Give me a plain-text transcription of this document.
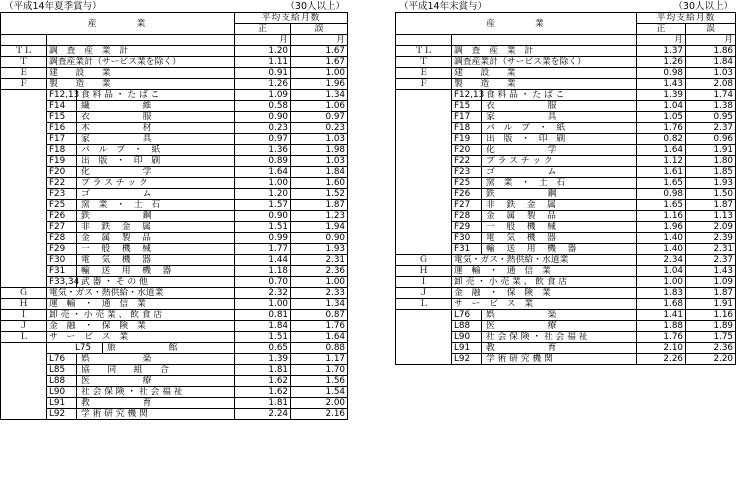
（平成14年夏季賞与）	（30人以上）
産業		平均支給月数	
		正	誤
		月	月
ＴＬ	調　査　産　業　計	1.20	1.67
Ｔ	調査産業計（サービス業を除く）	1.11	1.67
Ｅ	建　　設　　業	0.91	1.00
Ｆ	製　　造　　業	1.26	1.96

	F12,13 食 料 品 ・ た ば こ	1.09	1.34

	F14 繊　　　　　　維	0.58	1.06

	F15 衣　　　　　　服	0.90	0.97

	F16 木　　　　　　材	0.23	0.23

	F17 家　　　　　　具	0.97	1.03

	F18 パ　ル　プ　・　紙	1.36	1.98

	F19 出　版　・　印　刷	0.89	1.03

	F20 化　　　　　　学	1.64	1.84

	F22 プ ラ ス チ ッ ク	1.00	1.60

	F23 ゴ　　　　　　ム	1.20	1.52

	F25 窯　業　・　土　石	1.57	1.87

	F26 鉄　　　　　　鋼	0.90	1.23

	F27 非　 鉄 　金 　属	1.51	1.94

	F28 金　 属 　製 　品	0.99	0.90

	F29 一　 般 　機 　械	1.77	1.93

	F30 電　 気 　機 　器	1.44	2.31

	F31 輸　 送 　用 　機　 器	1.18	2.36

	F33,34 武 器 ・ そ の 他	0.70	1.00
Ｇ	電気・ガス・熱供給・水道業	2.32	2.33
Ｈ	運　輸　・　通　信　業	1.00	1.34
Ｉ	卸 売 ・ 小 売 業 、 飲 食 店	0.81	0.87
Ｊ	金　融　・　保　険　業	1.84	1.76
Ｌ	サ　ー　ビ　ス　業	1.51	1.64

	L75 旅　　　　　　館	0.65	0.88

	L76 娯　　　　　　楽	1.39	1.17

	L85 協　　同　　組　　合	1.81	1.70

	L88 医　　　　　　療	1.62	1.56

	L90 社 会 保 険 ・ 社 会 福 祉	1.62	1.54

	L91 教　　　　　　育	1.81	2.00

	L92 学 術 研 究 機 関	2.24	2.16
（平成14年末賞与）	（30人以上）
産業		平均支給月数	
		正	誤
		月	月
ＴＬ	調　査　産　業　計	1.37	1.86
Ｔ	調査産業計（サービス業を除く）	1.26	1.84
Ｅ	建　　設　　業	0.98	1.03
Ｆ	製　　造　　業	1.43	2.08

	F12,13 食 料 品 ・ た ば こ	1.39	1.74

	F15 衣　　　　　　服	1.04	1.38

	F17 家　　　　　　具	1.05	0.95

	F18 パ　ル　プ　・　紙	1.76	2.37

	F19 出　版　・　印　刷	0.82	0.96

	F20 化　　　　　　学	1.64	1.91

	F22 プ ラ ス チ ッ ク	1.12	1.80

	F23 ゴ　　　　　　ム	1.61	1.85

	F25 窯　業　・　土　石	1.65	1.93

	F26 鉄　　　　　　鋼	0.98	1.50

	F27 非　 鉄 　金 　属	1.65	1.87

	F28 金　 属 　製 　品	1.16	1.13

	F29 一　 般 　機 　械	1.96	2.09

	F30 電　 気 　機 　器	1.40	2.39

	F31 輸　 送 　用 　機　 器	1.40	2.31
Ｇ	電気・ガス・熱供給・水道業	2.34	2.37
Ｈ	運　輸　・　通　信　業	1.04	1.43
Ｉ	卸 売 ・ 小 売 業 、 飲 食 店	1.00	1.09
Ｊ	金　融　・　保　険　業	1.83	1.87
Ｌ	サ　ー　ビ　ス　業	1.68	1.91

	L76 娯　　　　　　楽	1.41	1.16

	L88 医　　　　　　療	1.88	1.89

	L90 社 会 保 険 ・ 社 会 福 祉	1.76	1.75

	L91 教　　　　　　育	2.10	2.36

	L92 学 術 研 究 機 関	2.26	2.20
